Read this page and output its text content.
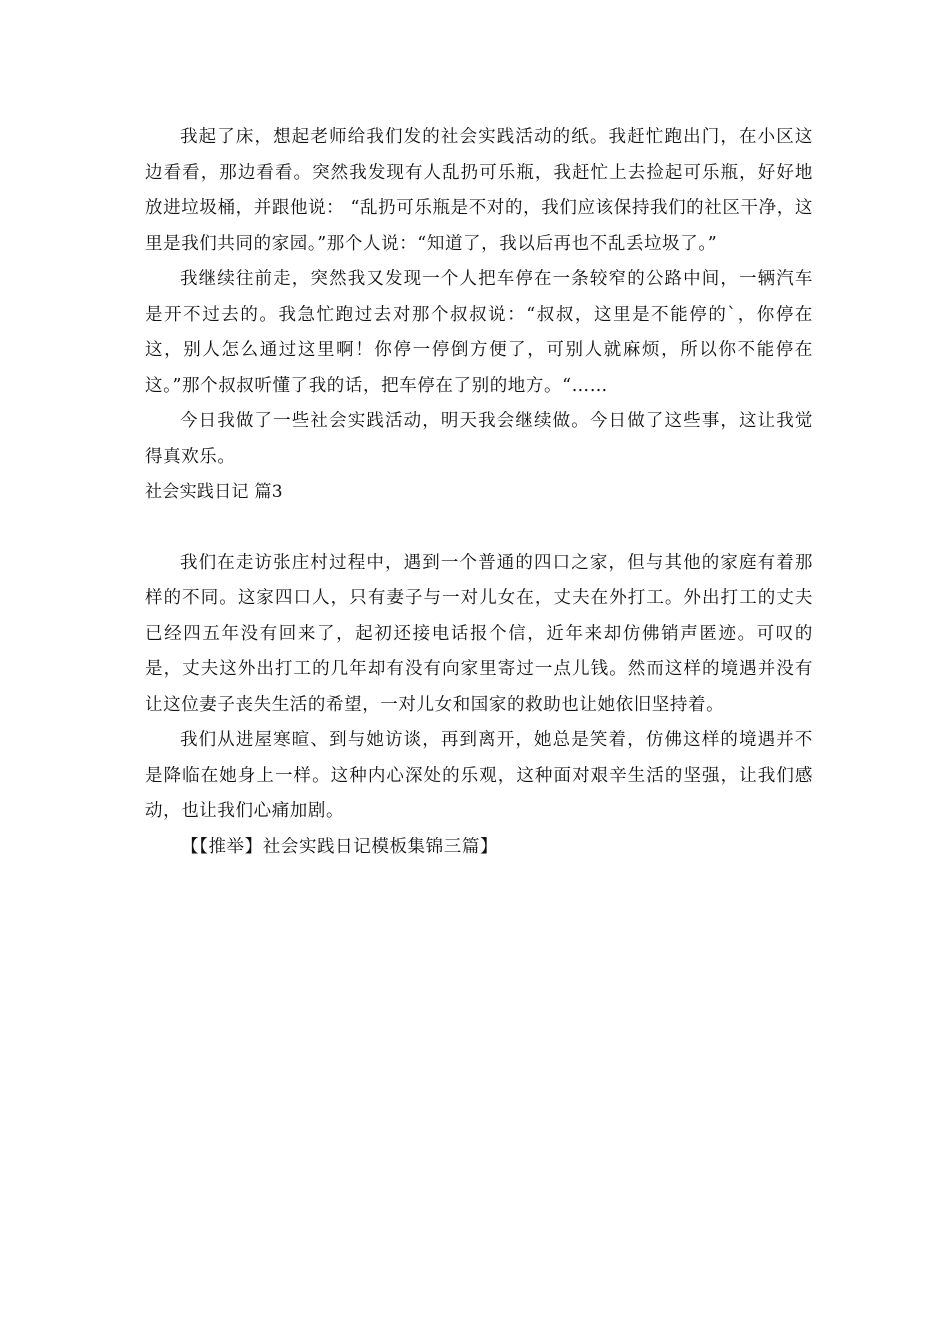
我起了床，想起老师给我们发的社会实践活动的纸。我赶忙跑出门，在小区这边看看，那边看看。突然我发现有人乱扔可乐瓶，我赶忙上去捡起可乐瓶，好好地放进垃圾桶，并跟他说： “乱扔可乐瓶是不对的，我们应该保持我们的社区干净，这里是我们共同的家园。”那个人说：“知道了，我以后再也不乱丢垃圾了。”

我继续往前走，突然我又发现一个人把车停在一条较窄的公路中间，一辆汽车是开不过去的。我急忙跑过去对那个叔叔说：“叔叔，这里是不能停的`，你停在这，别人怎么通过这里啊！你停一停倒方便了，可别人就麻烦，所以你不能停在这。”那个叔叔听懂了我的话，把车停在了别的地方。“……

今日我做了一些社会实践活动，明天我会继续做。今日做了这些事，这让我觉得真欢乐。

社会实践日记 篇3

我们在走访张庄村过程中，遇到一个普通的四口之家，但与其他的家庭有着那样的不同。这家四口人，只有妻子与一对儿女在，丈夫在外打工。外出打工的丈夫已经四五年没有回来了，起初还接电话报个信，近年来却仿佛销声匿迹。可叹的是，丈夫这外出打工的几年却有没有向家里寄过一点儿钱。然而这样的境遇并没有让这位妻子丧失生活的希望，一对儿女和国家的救助也让她依旧坚持着。

我们从进屋寒暄、到与她访谈，再到离开，她总是笑着，仿佛这样的境遇并不是降临在她身上一样。这种内心深处的乐观，这种面对艰辛生活的坚强，让我们感动，也让我们心痛加剧。

【【推举】社会实践日记模板集锦三篇】
